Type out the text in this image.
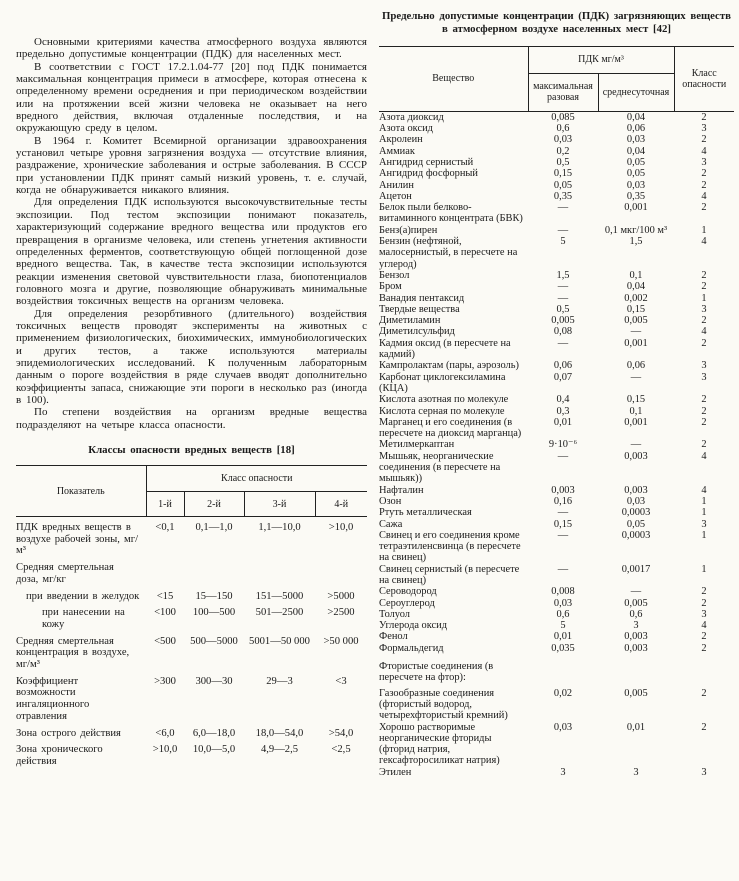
Основными критериями качества атмосферного воздуха являются предельно допустимые концентрации (ПДК) для населенных мест.

В соответствии с ГОСТ 17.2.1.04-77 [20] под ПДК понимается максимальная концентрация примеси в атмосфере, которая отнесена к определенному времени осреднения и при периодическом воздействии или на протяжении всей жизни человека не оказывает на него вредного действия, включая отдаленные последствия, и на окружающую среду в целом.

В 1964 г. Комитет Всемирной организации здравоохранения установил четыре уровня загрязнения воздуха — отсутствие влияния, раздражение, хронические заболевания и острые заболевания. В СССР при установлении ПДК принят самый низкий уровень, т. е. случай, когда не обнаруживается никакого влияния.

Для определения ПДК используются высокочувствительные тесты экспозиции. Под тестом экспозиции понимают показатель, характеризующий содержание вредного вещества или продуктов его превращения в организме человека, или степень угнетения активности определенных ферментов, соответствующую общей поглощенной дозе вредного вещества. Так, в качестве теста экспозиции используются реакции изменения световой чувствительности глаза, биопотенциалов головного мозга и другие, позволяющие обнаруживать минимальные воздействия токсичных веществ на организм человека.

Для определения резорбтивного (длительного) воздействия токсичных веществ проводят эксперименты на животных с применением физиологических, биохимических, иммунобиологических и других тестов, а также используются материалы эпидемиологических исследований. К полученным лабораторным данным о пороге воздействия в ряде случаев вводят дополнительно коэффициенты запаса, снижающие эти пороги в несколько раз (иногда в 100).

По степени воздействия на организм вредные вещества подразделяют на четыре класса опасности.

Классы опасности вредных веществ [18]
Показатель	Класс опасности			
	1-й	2-й	3-й	4-й
ПДК вредных веществ в воздухе рабочей зоны, мг/м³	<0,1	0,1—1,0	1,1—10,0	>10,0
Средняя смертельная доза, мг/кг				
при введении в желудок	<15	15—150	151—5000	>5000
при нанесении на кожу	<100	100—500	501—2500	>2500
Средняя смертельная концентрация в воздухе, мг/м³	<500	500—5000	5001—50 000	>50 000
Коэффициент возможности ингаляционного отравления	>300	300—30	29—3	<3
Зона острого действия	<6,0	6,0—18,0	18,0—54,0	>54,0
Зона хронического действия	>10,0	10,0—5,0	4,9—2,5	<2,5
Предельно допустимые концентрации (ПДК) загрязняющих веществ в атмосферном воздухе населенных мест [42]
Вещество	ПДК мг/м³		Класс опасности
	максимальная разовая	среднесуточная	
Азота диоксид	0,085	0,04	2
Азота оксид	0,6	0,06	3
Акролеин	0,03	0,03	2
Аммиак	0,2	0,04	4
Ангидрид сернистый	0,5	0,05	3
Ангидрид фосфорный	0,15	0,05	2
Анилин	0,05	0,03	2
Ацетон	0,35	0,35	4
Белок пыли белково-витаминного концентрата (БВК)	—	0,001	2
Бенз(а)пирен	—	0,1 мкг/100 м³	1
Бензин (нефтяной, малосернистый, в пересчете на углерод)	5	1,5	4
Бензол	1,5	0,1	2
Бром	—	0,04	2
Ванадия пентаксид	—	0,002	1
Твердые вещества	0,5	0,15	3
Диметиламин	0,005	0,005	2
Диметилсульфид	0,08	—	4
Кадмия оксид (в пересчете на кадмий)	—	0,001	2
Кампролактам (пары, аэрозоль)	0,06	0,06	3
Карбонат циклогексиламина (КЦА)	0,07	—	3
Кислота азотная по молекуле	0,4	0,15	2
Кислота серная по молекуле	0,3	0,1	2
Марганец и его соединения (в пересчете на диоксид марганца)	0,01	0,001	2
Метилмеркаптан	9·10⁻⁶	—	2
Мышьяк, неорганические соединения (в пересчете на мышьяк))	—	0,003	4
Нафталин	0,003	0,003	4
Озон	0,16	0,03	1
Ртуть металлическая	—	0,0003	1
Сажа	0,15	0,05	3
Свинец и его соединения кроме тетраэтиленсвинца (в пересчете на свинец)	—	0,0003	1
Свинец сернистый (в пересчете на свинец)	—	0,0017	1
Сероводород	0,008	—	2
Сероуглерод	0,03	0,005	2
Толуол	0,6	0,6	3
Углерода оксид	5	3	4
Фенол	0,01	0,003	2
Формальдегид	0,035	0,003	2
Фтористые соединения (в пересчете на фтор):			
Газообразные соединения (фтористый водород, четырехфтористый кремний)	0,02	0,005	2
Хорошо растворимые неорганические фториды (фторид натрия, гексафторосиликат натрия)	0,03	0,01	2
Этилен	3	3	3
